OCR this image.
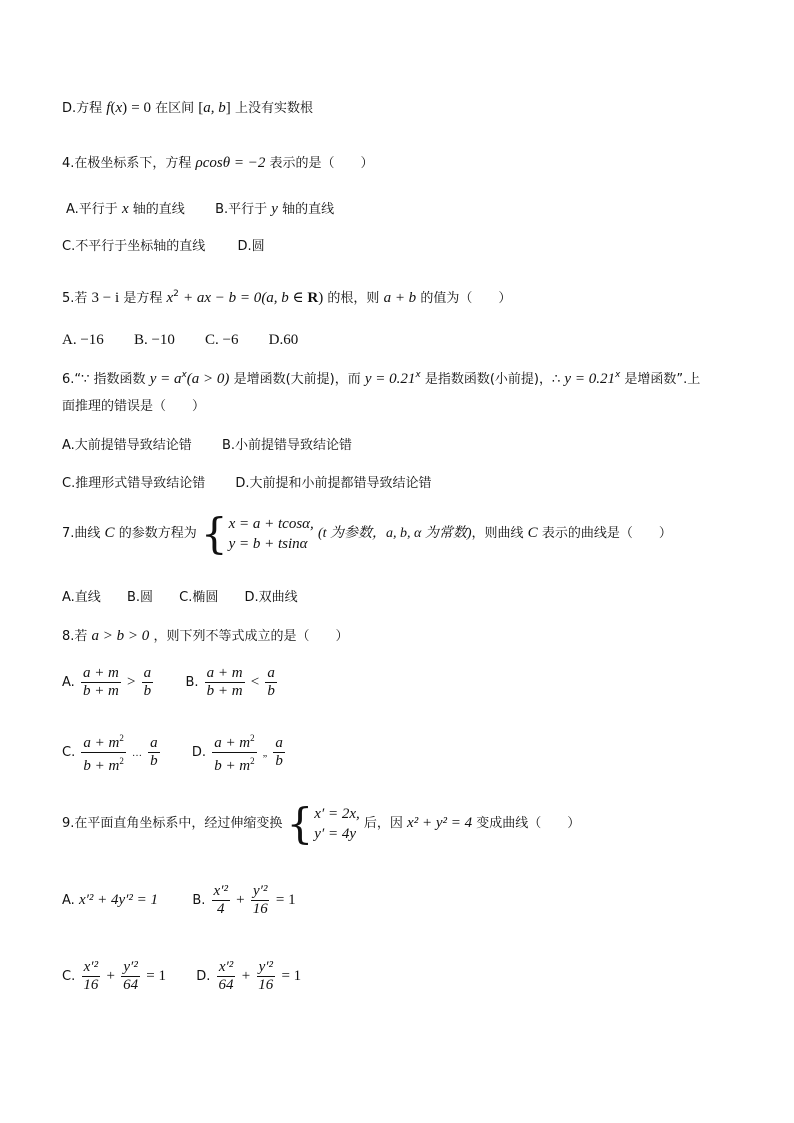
D.方程 f(x) = 0 在区间 [a, b] 上没有实数根
4.在极坐标系下，方程 ρcosθ = −2 表示的是（　　）
A.平行于 x 轴的直线 B.平行于 y 轴的直线
C.不平行于坐标轴的直线 D.圆
5.若 3 − i 是方程 $x^2$ + ax − b = 0(a, b ∈ R) 的根，则 a + b 的值为（　　）
A. −16 B. −10 C. −6 D.60
6.“∵ 指数函数 $y = a^x(a > 0)$ 是增函数(大前提)，而 $y = 0.21^x$ 是指数函数(小前提)，∴ $y = 0.21^x$ 是增函数”.上
面推理的错误是（　　）
A.大前提错导致结论错 B.小前提错导致结论错
C.推理形式错导致结论错 D.大前提和小前提都错导致结论错
7.曲线 C 的参数方程为 { x = a + tcosα,
y = b + tsinα
(t 为参数，a, b, α 为常数)，则曲线 C 表示的曲线是（　　）
A.直线 B.圆 C.椭圆 D.双曲线
8.若 a > b > 0 ，则下列不等式成立的是（　　）
A. $\frac{a + m}{b + m} > \frac{a}{b} B$. $\frac{a + m}{b + m} < \frac{a}{b}$
C. $\frac{a + m^2}{b + m^2}$ … $\frac{a}{b} D$. $\frac{a + m^2}{b + m^2}$ „ $\frac{a}{b}$
9.在平面直角坐标系中，经过伸缩变换 { x′ = 2x,
y′ = 4y
后，因 x² + y² = 4 变成曲线（　　）
A. x′² + 4y′² = 1	B. $\frac{\text{x′²}}{4} + \frac{\text{y′²}}{16} = 1$
C. $\frac{\text{x′²}}{16} + \frac{\text{y′²}}{64} = 1$ D. $\frac{\text{x′²}}{64} + \frac{\text{y′²}}{16} = 1$
